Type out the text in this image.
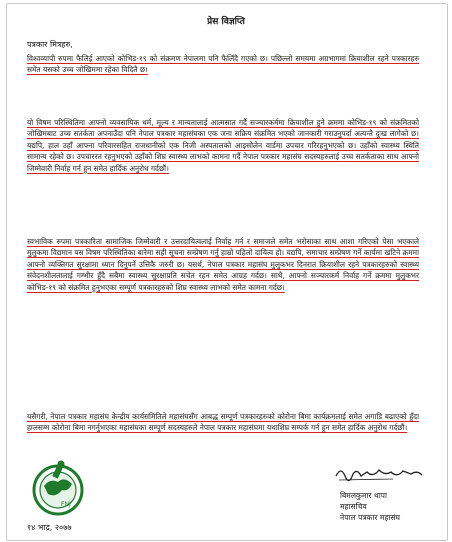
प्रेस विज्ञप्ति
पत्रकार मित्रहरु,
विश्वव्यापी रुपमा फैलिई आएको कोभिड-१९ को संक्रमण नेपालमा पनि फैलिँदै गएको छ। पछिल्लो समयमा अग्रभागमा क्रियाशील रहने पत्रकारहरु समेत यसको उच्च जोखिममा रहेका विदितै छ।
यो विषम परिस्थितिमा आफ्नो व्यवसायिक धर्म, मूल्य र मान्यतालाई आत्मसात गर्दै सञ्चारकर्ममा क्रियाशील हुने क्रममा कोभिड-१९ को संक्रमितको जोखिमबाट उच्च सतर्कता अपनाउँदा पनि नेपाल पत्रकार महासंघका एक जना सक्रिय संक्रमित भएको जानकारी गराउनुपर्दा अत्यन्तै दुःख लागेको छ। यद्यपि, हाल उहाँ आफ्ना परिवारसहित राजधानीको एक निजी अस्पतालको आइसोलेन वार्डमा उपचार गरिरहनुभएको छ। उहाँको स्वास्थ्य स्थिति सामान्य रहेको छ। उपचाररत रहनुभएको उहाँको शिघ्र स्वास्थ्य लाभको कामना गर्दै नेपाल पत्रकार महासंघ सदस्यहरुलाई उच्च सतर्कताका साथ आफ्नो जिम्मेवारी निर्वाह गर्न हुन समेत हार्दिक अनुरोध गर्दछौं।
स्वभाविक रुपमा पत्रकारिता सामाजिक जिम्मेवारी र उत्तरदायित्वलाई निर्वाह गर्न र समाजले समेत भरोसाका साथ आशा गरिएको पेसा भएकाले मुलुकमा विद्यमान यस विषम परिस्थितिका बारेमा सही सूचना सम्प्रेषण गर्नु हाम्रो पहिलो दायित्व हो। यद्यपि, समाचार सम्प्रेषण गर्ने कार्यमा खटिने क्रममा आफ्नो व्यक्तिगत सुरक्षामा ध्यान दिनुपर्ने उत्तिकै जरुरी छ। यसर्थ, नेपाल पत्रकार महासंघ मुलुकभर दिनरात क्रियाशील रहने पत्रकारहरुको स्वास्थ्य संवेदनशीलतालाई गम्भीर हुँदै सबैमा स्वास्थ्य सुरक्षाप्रति सचेत रहन समेत आग्रह गर्दछ। साथै, आफ्नो सञ्चारकर्म निर्वाह गर्ने क्रममा मुलुकभर कोभिड-१९ को संक्रमित हुनुभएका सम्पूर्ण पत्रकारहरुको शिघ्र स्वास्थ्य लाभको समेत कामना गर्दछ।
यसैगरी, नेपाल पत्रकार महासंघ केन्द्रीय कार्यसमितिले महासंघसँग आबद्ध सम्पूर्ण पत्रकारहरुको कोरोना बिमा कार्यक्रमलाई समेत अगाडि बढाएको हुँदा हालसम्म कोरोना बिमा नगर्नुभएका महासंघका सम्पूर्ण सदस्यहरुले नेपाल पत्रकार महासंघमा यथाशिघ्र सम्पर्क गर्न हुन समेत हार्दिक अनुरोध गर्दछौं।
FNJ
बिमलकुमार थापा
महासचिव
नेपाल पत्रकार महासंघ
१४ भाद्र, २०७७
